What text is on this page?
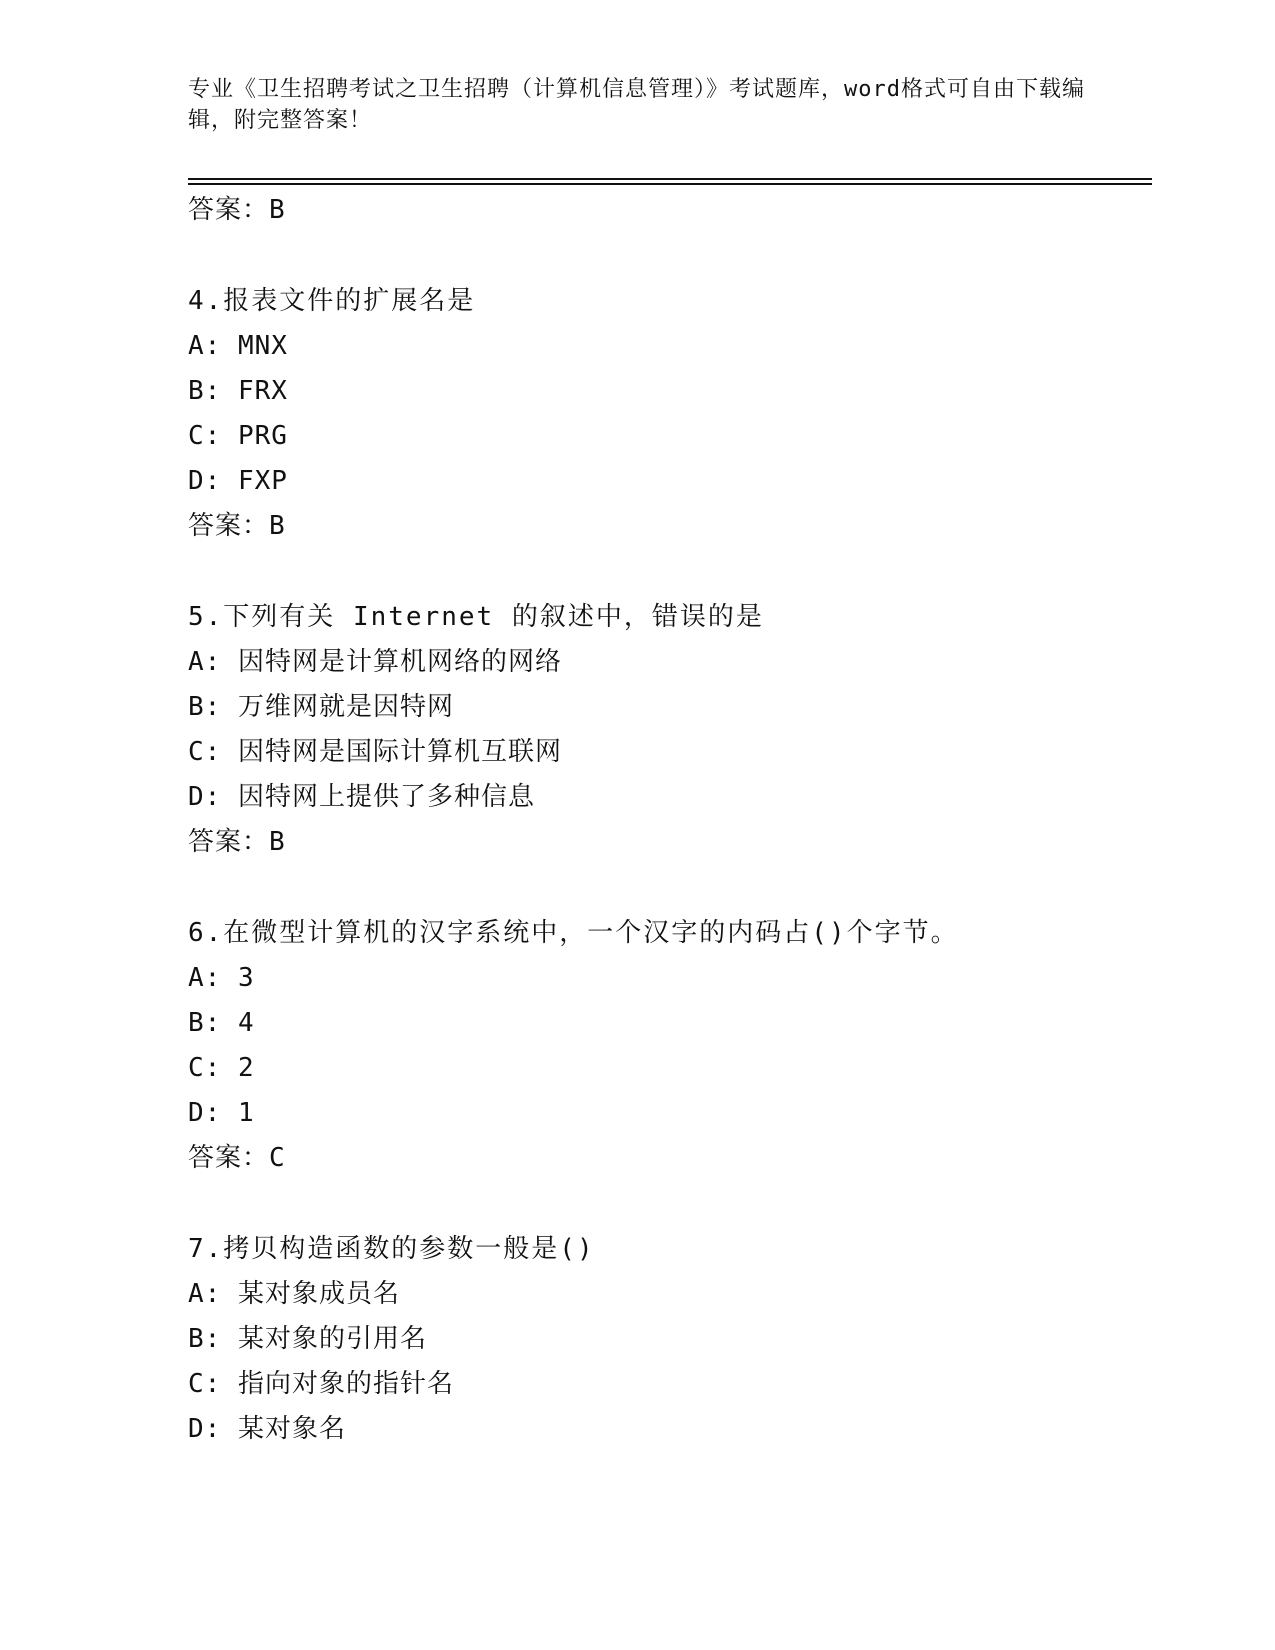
专业《卫生招聘考试之卫生招聘（计算机信息管理）》考试题库，word格式可自由下载编辑，附完整答案！
答案：B
4.报表文件的扩展名是
A: MNX
B: FRX
C: PRG
D: FXP
答案：B
5.下列有关 Internet 的叙述中，错误的是
A: 因特网是计算机网络的网络
B: 万维网就是因特网
C: 因特网是国际计算机互联网
D: 因特网上提供了多种信息
答案：B
6.在微型计算机的汉字系统中，一个汉字的内码占()个字节。
A: 3
B: 4
C: 2
D: 1
答案：C
7.拷贝构造函数的参数一般是()
A: 某对象成员名
B: 某对象的引用名
C: 指向对象的指针名
D: 某对象名
